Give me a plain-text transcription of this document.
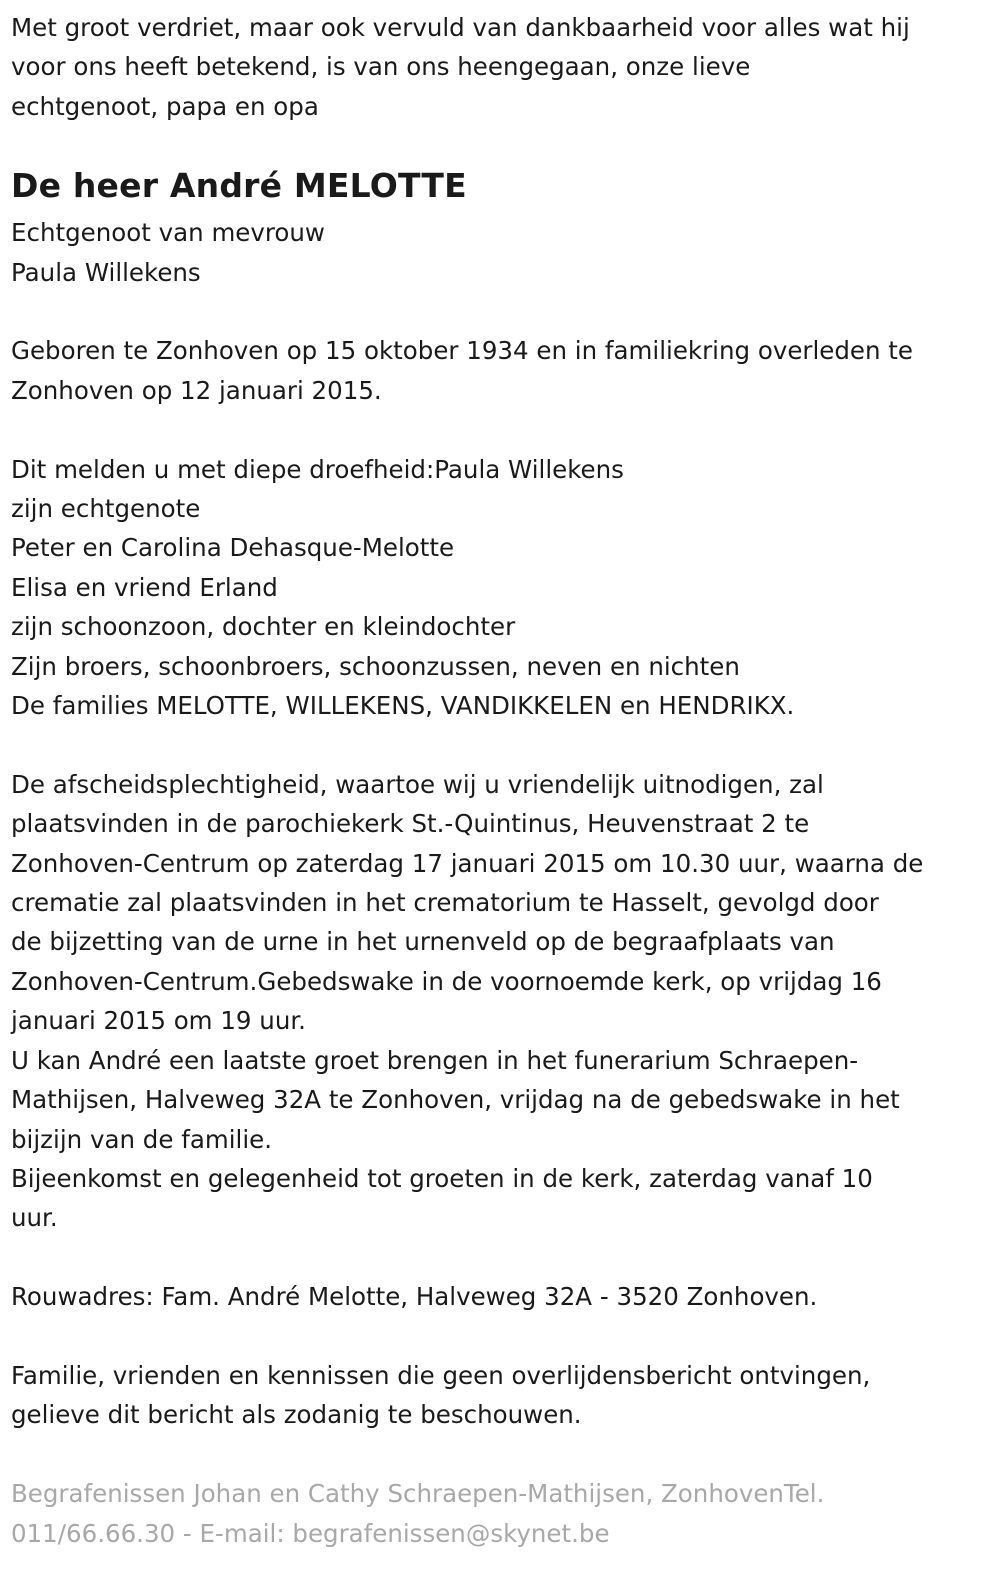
Met groot verdriet, maar ook vervuld van dankbaarheid voor alles wat hij
voor ons heeft betekend, is van ons heengegaan, onze lieve
echtgenoot, papa en opa

De heer André MELOTTE

Echtgenoot van mevrouw
Paula Willekens

Geboren te Zonhoven op 15 oktober 1934 en in familiekring overleden te
Zonhoven op 12 januari 2015.

Dit melden u met diepe droefheid:Paula Willekens
zijn echtgenote
Peter en Carolina Dehasque-Melotte
Elisa en vriend Erland
zijn schoonzoon, dochter en kleindochter
Zijn broers, schoonbroers, schoonzussen, neven en nichten
De families MELOTTE, WILLEKENS, VANDIKKELEN en HENDRIKX.

De afscheidsplechtigheid, waartoe wij u vriendelijk uitnodigen, zal
plaatsvinden in de parochiekerk St.-Quintinus, Heuvenstraat 2 te
Zonhoven-Centrum op zaterdag 17 januari 2015 om 10.30 uur, waarna de
crematie zal plaatsvinden in het crematorium te Hasselt, gevolgd door
de bijzetting van de urne in het urnenveld op de begraafplaats van
Zonhoven-Centrum.Gebedswake in de voornoemde kerk, op vrijdag 16
januari 2015 om 19 uur.
U kan André een laatste groet brengen in het funerarium Schraepen-
Mathijsen, Halveweg 32A te Zonhoven, vrijdag na de gebedswake in het
bijzijn van de familie.
Bijeenkomst en gelegenheid tot groeten in de kerk, zaterdag vanaf 10
uur.

Rouwadres: Fam. André Melotte, Halveweg 32A - 3520 Zonhoven.

Familie, vrienden en kennissen die geen overlijdensbericht ontvingen,
gelieve dit bericht als zodanig te beschouwen.

Begrafenissen Johan en Cathy Schraepen-Mathijsen, ZonhovenTel.
011/66.66.30 - E-mail: begrafenissen@skynet.be
